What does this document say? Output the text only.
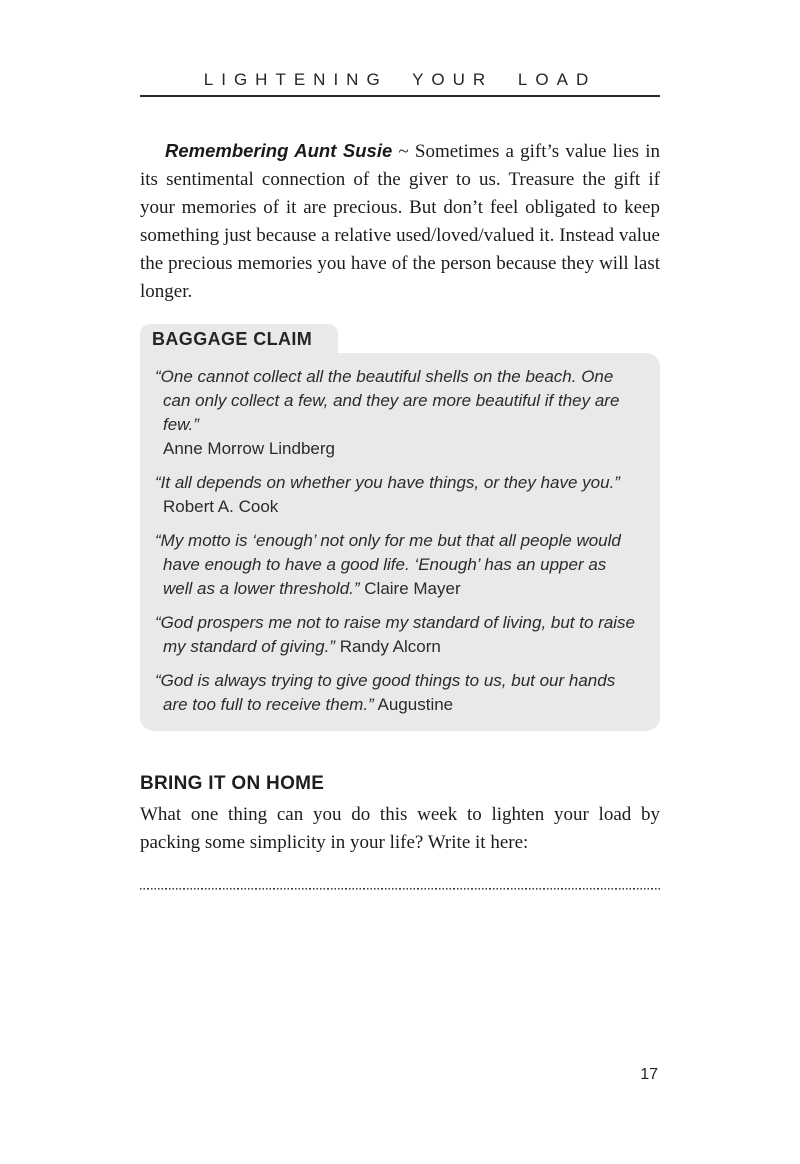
LIGHTENING YOUR LOAD

Remembering Aunt Susie ~ Sometimes a gift’s value lies in its sentimental connection of the giver to us. Treasure the gift if your memories of it are precious. But don’t feel obligated to keep something just because a relative used/loved/valued it. Instead value the precious memories you have of the person because they will last longer.

BAGGAGE CLAIM

“One cannot collect all the beautiful shells on the beach. One can only collect a few, and they are more beautiful if they are few.”
Anne Morrow Lindberg

“It all depends on whether you have things, or they have you.”
Robert A. Cook

“My motto is ‘enough’ not only for me but that all people would have enough to have a good life. ‘Enough’ has an upper as well as a lower threshold.” Claire Mayer

“God prospers me not to raise my standard of living, but to raise my standard of giving.” Randy Alcorn

“God is always trying to give good things to us, but our hands are too full to receive them.” Augustine

BRING IT ON HOME

What one thing can you do this week to lighten your load by packing some simplicity in your life? Write it here:

17
